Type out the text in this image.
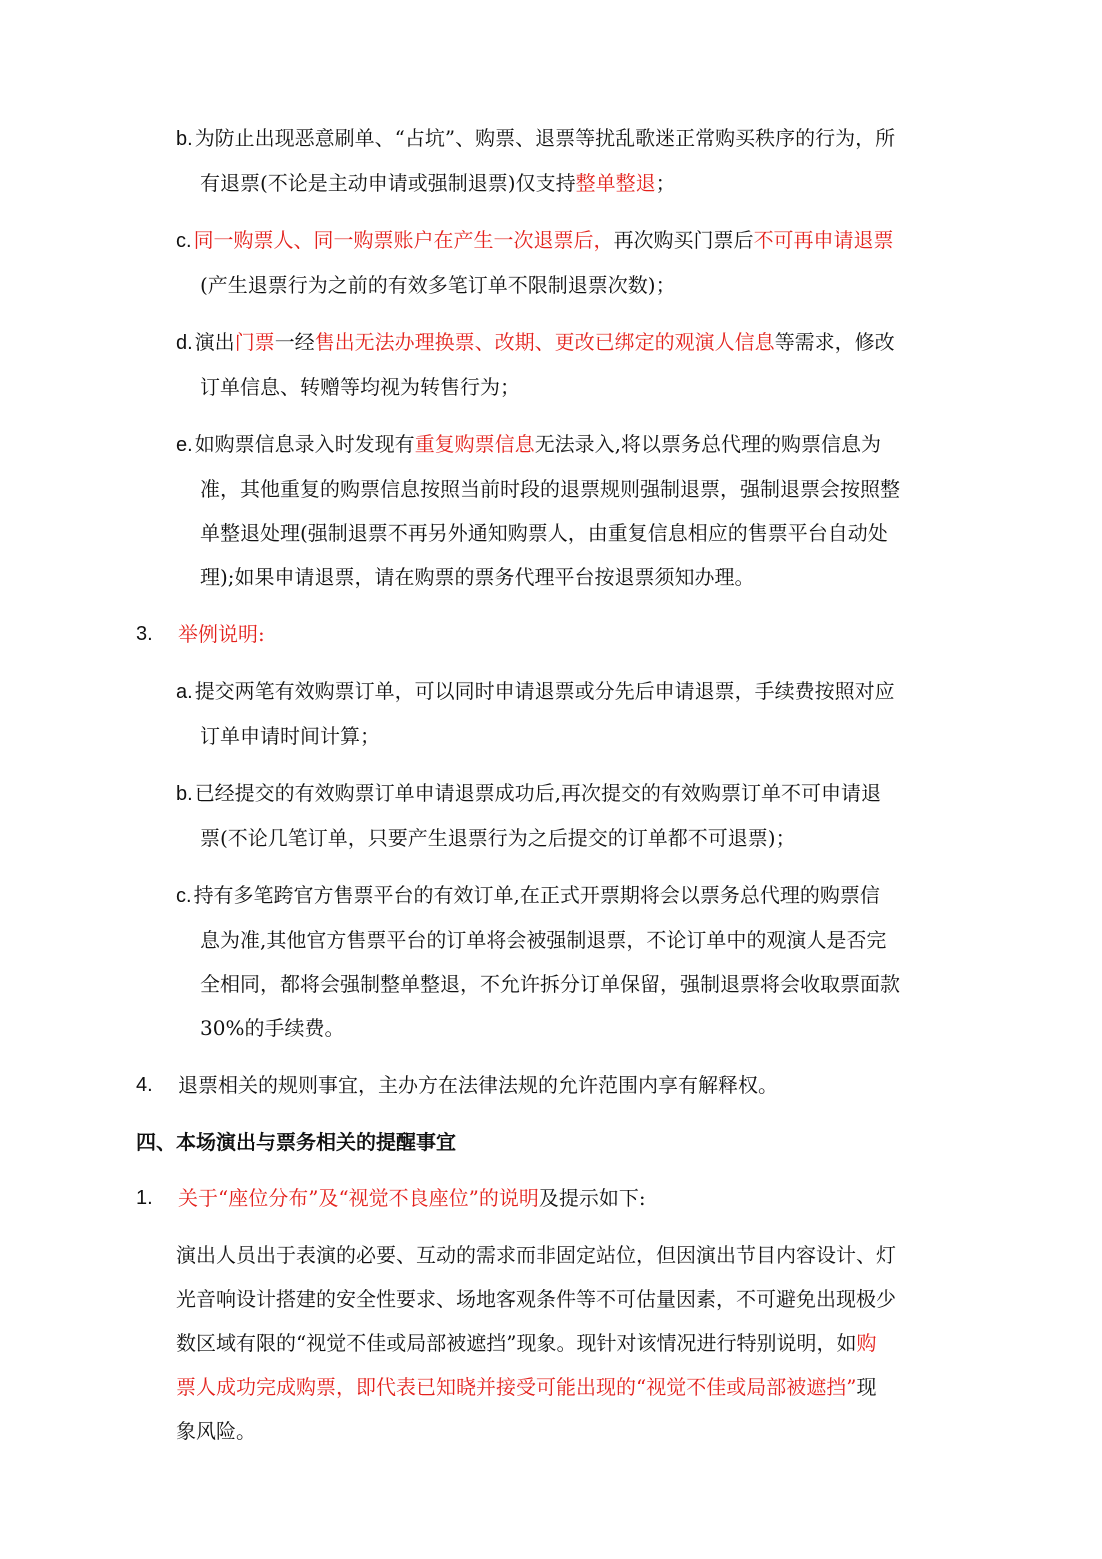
b. 为防止出现恶意刷单、“占坑”、购票、退票等扰乱歌迷正常购买秩序的行为，所
有退票(不论是主动申请或强制退票)仅支持整单整退；
c. 同一购票人、同一购票账户在产生一次退票后，再次购买门票后不可再申请退票
(产生退票行为之前的有效多笔订单不限制退票次数)；
d. 演出门票一经售出无法办理换票、改期、更改已绑定的观演人信息等需求，修改
订单信息、转赠等均视为转售行为；
e. 如购票信息录入时发现有重复购票信息无法录入,将以票务总代理的购票信息为
准，其他重复的购票信息按照当前时段的退票规则强制退票，强制退票会按照整
单整退处理(强制退票不再另外通知购票人，由重复信息相应的售票平台自动处
理);如果申请退票，请在购票的票务代理平台按退票须知办理。
3. 举例说明:
a. 提交两笔有效购票订单，可以同时申请退票或分先后申请退票，手续费按照对应
订单申请时间计算；
b. 已经提交的有效购票订单申请退票成功后,再次提交的有效购票订单不可申请退
票(不论几笔订单，只要产生退票行为之后提交的订单都不可退票)；
c. 持有多笔跨官方售票平台的有效订单,在正式开票期将会以票务总代理的购票信
息为准,其他官方售票平台的订单将会被强制退票，不论订单中的观演人是否完
全相同，都将会强制整单整退，不允许拆分订单保留，强制退票将会收取票面款
30%的手续费。
4. 退票相关的规则事宜，主办方在法律法规的允许范围内享有解释权。
四、本场演出与票务相关的提醒事宜
1. 关于“座位分布”及“视觉不良座位”的说明及提示如下:
演出人员出于表演的必要、互动的需求而非固定站位，但因演出节目内容设计、灯
光音响设计搭建的安全性要求、场地客观条件等不可估量因素，不可避免出现极少
数区域有限的“视觉不佳或局部被遮挡”现象。现针对该情况进行特别说明，如购
票人成功完成购票，即代表已知晓并接受可能出现的“视觉不佳或局部被遮挡”现
象风险。
